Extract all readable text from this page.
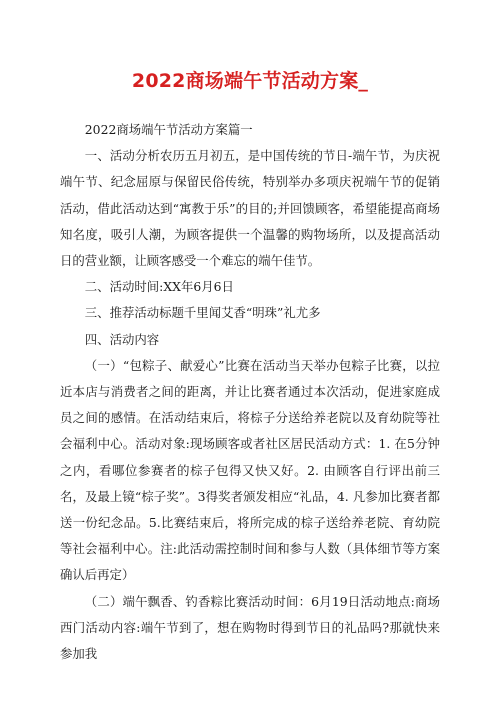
2022商场端午节活动方案_

2022商场端午节活动方案篇一

一、活动分析农历五月初五，是中国传统的节日-端午节，为庆祝端午节、纪念屈原与保留民俗传统，特别举办多项庆祝端午节的促销活动，借此活动达到“寓教于乐”的目的;并回馈顾客，希望能提高商场知名度，吸引人潮，为顾客提供一个温馨的购物场所，以及提高活动日的营业额，让顾客感受一个难忘的端午佳节。

二、活动时间:XX年6月6日

三、推荐活动标题千里闻艾香“明珠”礼尤多

四、活动内容

（一）“包粽子、献爱心”比赛在活动当天举办包粽子比赛，以拉近本店与消费者之间的距离，并让比赛者通过本次活动，促进家庭成员之间的感情。在活动结束后，将棕子分送给养老院以及育幼院等社会福利中心。活动对象:现场顾客或者社区居民活动方式：1. 在5分钟之内，看哪位参赛者的棕子包得又快又好。2. 由顾客自行评出前三名，及最上镜“棕子奖”。3得奖者颁发相应“礼品，4. 凡参加比赛者都送一份纪念品。5.比赛结束后，将所完成的棕子送给养老院、育幼院等社会福利中心。注:此活动需控制时间和参与人数（具体细节等方案确认后再定）

（二）端午飘香、钓香粽比赛活动时间：6月19日活动地点:商场西门活动内容:端午节到了，想在购物时得到节日的礼品吗?那就快来参加我
